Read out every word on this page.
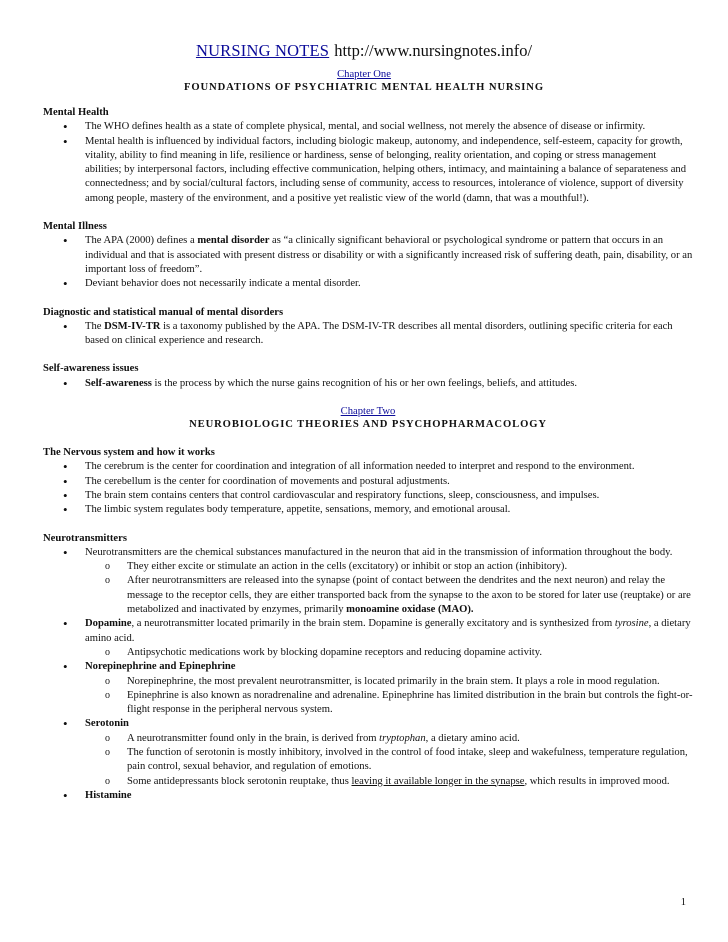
NURSING NOTES http://www.nursingnotes.info/
Chapter One
FOUNDATIONS OF PSYCHIATRIC MENTAL HEALTH NURSING
Mental Health
• The WHO defines health as a state of complete physical, mental, and social wellness, not merely the absence of disease or infirmity.
• Mental health is influenced by individual factors, including biologic makeup, autonomy, and independence, self-esteem, capacity for growth, vitality, ability to find meaning in life, resilience or hardiness, sense of belonging, reality orientation, and coping or stress management abilities; by interpersonal factors, including effective communication, helping others, intimacy, and maintaining a balance of separateness and connectedness; and by social/cultural factors, including sense of community, access to resources, intolerance of violence, support of diversity among people, mastery of the environment, and a positive yet realistic view of the world (damn, that was a mouthful!).
Mental Illness
• The APA (2000) defines a mental disorder as “a clinically significant behavioral or psychological syndrome or pattern that occurs in an individual and that is associated with present distress or disability or with a significantly increased risk of suffering death, pain, disability, or an important loss of freedom”.
• Deviant behavior does not necessarily indicate a mental disorder.
Diagnostic and statistical manual of mental disorders
• The DSM-IV-TR is a taxonomy published by the APA. The DSM-IV-TR describes all mental disorders, outlining specific criteria for each based on clinical experience and research.
Self-awareness issues
• Self-awareness is the process by which the nurse gains recognition of his or her own feelings, beliefs, and attitudes.
Chapter Two
NEUROBIOLOGIC THEORIES AND PSYCHOPHARMACOLOGY
The Nervous system and how it works
• The cerebrum is the center for coordination and integration of all information needed to interpret and respond to the environment.
• The cerebellum is the center for coordination of movements and postural adjustments.
• The brain stem contains centers that control cardiovascular and respiratory functions, sleep, consciousness, and impulses.
• The limbic system regulates body temperature, appetite, sensations, memory, and emotional arousal.
Neurotransmitters
• Neurotransmitters are the chemical substances manufactured in the neuron that aid in the transmission of information throughout the body.
o They either excite or stimulate an action in the cells (excitatory) or inhibit or stop an action (inhibitory).
o After neurotransmitters are released into the synapse (point of contact between the dendrites and the next neuron) and relay the message to the receptor cells, they are either transported back from the synapse to the axon to be stored for later use (reuptake) or are metabolized and inactivated by enzymes, primarily monoamine oxidase (MAO).
• Dopamine, a neurotransmitter located primarily in the brain stem. Dopamine is generally excitatory and is synthesized from tyrosine, a dietary amino acid.
o Antipsychotic medications work by blocking dopamine receptors and reducing dopamine activity.
• Norepinephrine and Epinephrine
o Norepinephrine, the most prevalent neurotransmitter, is located primarily in the brain stem. It plays a role in mood regulation.
o Epinephrine is also known as noradrenaline and adrenaline. Epinephrine has limited distribution in the brain but controls the fight-or-flight response in the peripheral nervous system.
• Serotonin
o A neurotransmitter found only in the brain, is derived from tryptophan, a dietary amino acid.
o The function of serotonin is mostly inhibitory, involved in the control of food intake, sleep and wakefulness, temperature regulation, pain control, sexual behavior, and regulation of emotions.
o Some antidepressants block serotonin reuptake, thus leaving it available longer in the synapse, which results in improved mood.
• Histamine
1
